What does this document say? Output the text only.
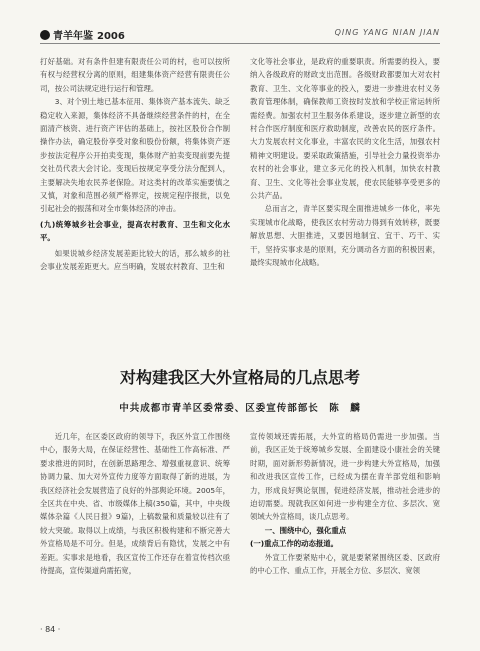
青羊年鉴 2006	QING YANG NIAN JIAN

打好基础。对有条件但建有限责任公司的村，也可以按所有权与经营权分离的原则，组建集体资产经营有限责任公司，按公司法规定进行运行和管理。

3、对个别土地已基本征用、集体资产基本流失、缺乏稳定收入来源，集体经济不具备继续经营条件的村，在全面清产核资、进行资产评估的基础上，按社区股份合作制操作办法，确定股份享受对象和股份份额，将集体资产逐步按法定程序公开拍卖变现，集体财产拍卖变现前要先提交社员代表大会讨论。变现后按规定享受分法分配到人，主要解决失地农民养老保险。对这类村的改革实施要慎之又慎，对象和范围必须严格界定，按规定程序报批，以免引起社会的振荡和对全市集体经济的冲击。

(九)统筹城乡社会事业，提高农村教育、卫生和文化水平。

如果说城乡经济发展差距比较大的话，那么城乡的社会事业发展差距更大。应当明确，发展农村教育、卫生和

文化等社会事业，是政府的重要职责。所需要的投入，要纳入各级政府的财政支出范围。各级财政都要加大对农村教育、卫生、文化等事业的投入，要进一步推进农村义务教育管理体制，确保教师工资按时发放和学校正常运转所需经费。加强农村卫生服务体系建设，逐步建立新型的农村合作医疗制度和医疗救助制度，改善农民的医疗条件。大力发展农村文化事业，丰富农民的文化生活，加强农村精神文明建设。要采取政策措施，引导社会力量投资举办农村的社会事业，建立多元化的投入机制，加快农村教育、卫生、文化等社会事业发展，使农民能够享受更多的公共产品。

总而言之，青羊区要实现全面推进城乡一体化，率先实现城市化战略，使我区农村劳动力得到有效转移，既要解放思想、大胆推进，又要因地制宜、宜干、巧干、实干，坚持实事求是的原则，充分调动各方面的积极因素，最终实现城市化战略。

对构建我区大外宣格局的几点思考
中共成都市青羊区委常委、区委宣传部部长　陈　麟

近几年，在区委区政府的领导下，我区外宣工作围绕中心，服务大局，在保证经营性、基础性工作高标准、严要求推进的同时，在创新思路理念、增强重视意识、统筹协调力量、加大对外宣传力度等方面取得了新的进展，为我区经济社会发展营造了良好的外部舆论环境。2005年，全区共在中央、省、市级媒体上稿(350篇，其中，中央级媒体杂篇《人民日报》9篇)，上稿数量和质量较以往有了较大突破。取得以上成绩，与我区积极构建和不断完善大外宣格局是不可分。但是，成绩背后有隐忧，发展之中有差距。实事求是地看，我区宣传工作还存在着宣传档次亟待提高，宣传渠道尚需拓宽，

宣传领域还需拓展，大外宣的格局仍需进一步加强。当前，我区正处于统筹城乡发展、全面建设小康社会的关键时期，面对新形势新情况，进一步构建大外宣格局，加强和改进我区宣传工作，已经成为摆在青羊部党组和影响力，形成良好舆论氛围，促进经济发展，推动社会进步的迫切需要。现就我区如何进一步构建全方位、多层次、宽领域大外宣格局，谈几点思考。

一、围绕中心，强化重点

(一)重点工作的动态报道。

外宣工作要紧贴中心，就是要紧紧围绕区委、区政府的中心工作、重点工作，开展全方位、多层次、宽领

· 84 ·
